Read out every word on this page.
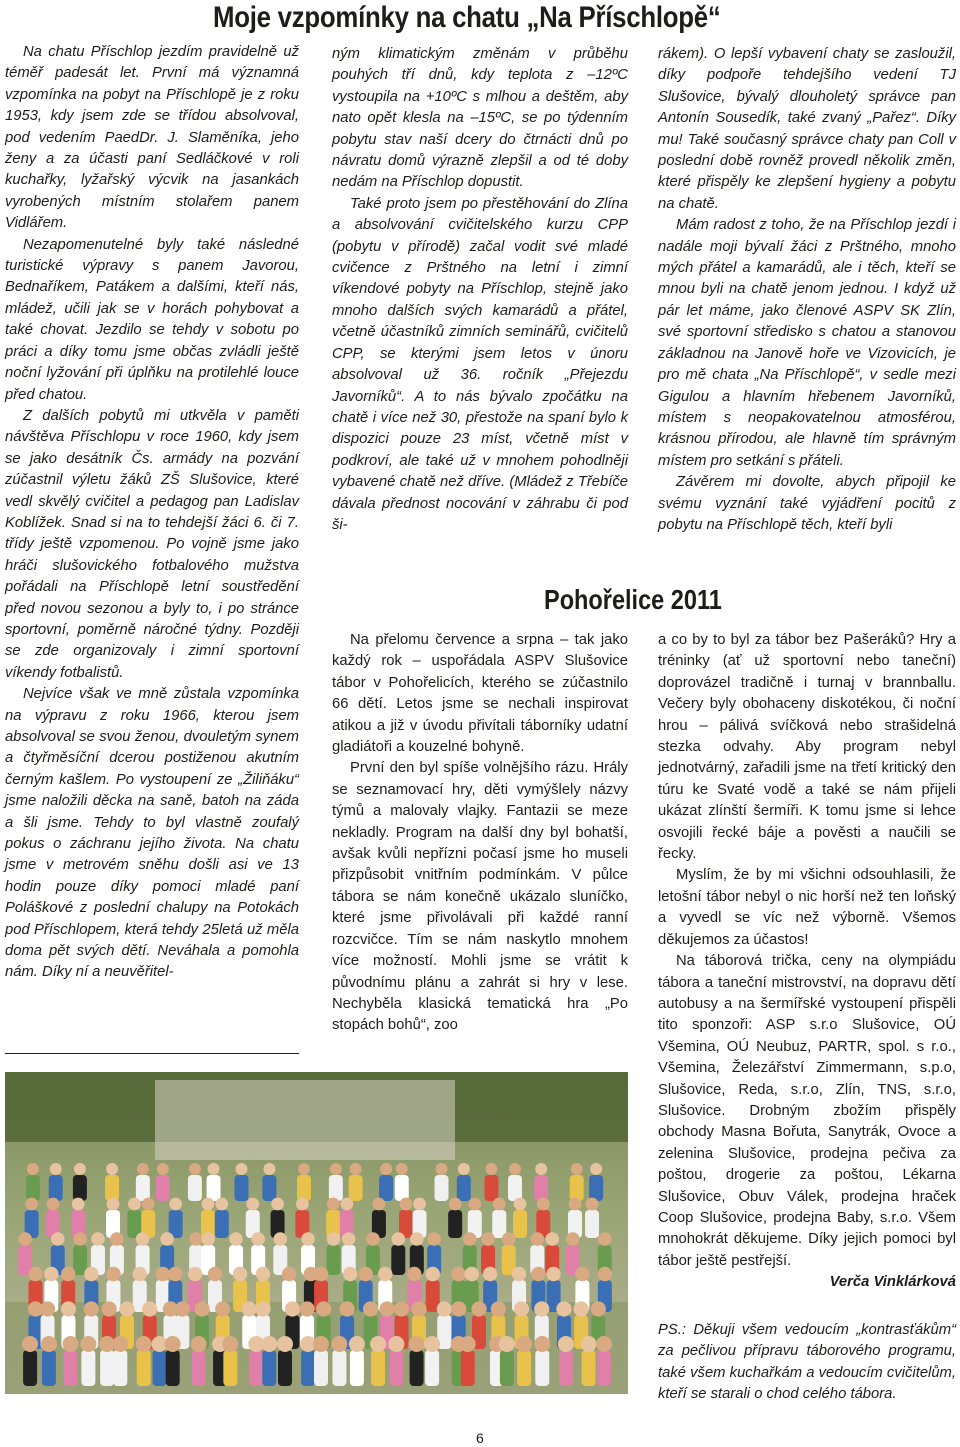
Moje vzpomínky na chatu „Na Příschlopě“

Na chatu Příschlop jezdím pravidelně už téměř padesát let. První má významná vzpomínka na pobyt na Příschlopě je z roku 1953, kdy jsem zde se třídou absolvoval, pod vedením PaedDr. J. Slaměníka, jeho ženy a za účasti paní Sedláčkové v roli kuchařky, lyžařský výcvik na jasankách vyrobených místním stolařem panem Vidlářem.

Nezapomenutelné byly také následné turistické výpravy s panem Javorou, Bednaříkem, Patákem a dalšími, kteří nás, mládež, učili jak se v horách pohybovat a také chovat. Jezdilo se tehdy v sobotu po práci a díky tomu jsme občas zvládli ještě noční lyžování při úplňku na protilehlé louce před chatou.

Z dalších pobytů mi utkvěla v paměti návštěva Příschlopu v roce 1960, kdy jsem se jako desátník Čs. armády na pozvání zúčastnil výletu žáků ZŠ Slušovice, které vedl skvělý cvičitel a pedagog pan Ladislav Koblížek. Snad si na to tehdejší žáci 6. či 7. třídy ještě vzpomenou. Po vojně jsme jako hráči slušovického fotbalového mužstva pořádali na Příschlopě letní soustředění před novou sezonou a byly to, i po stránce sportovní, poměrně náročné týdny. Později se zde organizovaly i zimní sportovní víkendy fotbalistů.

Nejvíce však ve mně zůstala vzpomínka na výpravu z roku 1966, kterou jsem absolvoval se svou ženou, dvouletým synem a čtyřměsíční dcerou postiženou akutním černým kašlem. Po vystoupení ze „Žiliňáku“ jsme naložili děcka na saně, batoh na záda a šli jsme. Tehdy to byl vlastně zoufalý pokus o záchranu jejího života. Na chatu jsme v metrovém sněhu došli asi ve 13 hodin pouze díky pomoci mladé paní Poláškové z poslední chalupy na Potokách pod Příschlopem, která tehdy 25letá už měla doma pět svých dětí. Neváhala a pomohla nám. Díky ní a neuvěřitel-

ným klimatickým změnám v průběhu pouhých tří dnů, kdy teplota z –12ºC vystoupila na +10ºC s mlhou a deštěm, aby nato opět klesla na –15ºC, se po týdenním pobytu stav naší dcery do čtrnácti dnů po návratu domů výrazně zlepšil a od té doby nedám na Příschlop dopustit.

Také proto jsem po přestěhování do Zlína a absolvování cvičitelského kurzu CPP (pobytu v přírodě) začal vodit své mladé cvičence z Prštného na letní i zimní víkendové pobyty na Příschlop, stejně jako mnoho dalších svých kamarádů a přátel, včetně účastníků zimních seminářů, cvičitelů CPP, se kterými jsem letos v únoru absolvoval už 36. ročník „Přejezdu Javorníků“. A to nás bývalo zpočátku na chatě i více než 30, přestože na spaní bylo k dispozici pouze 23 míst, včetně míst v podkroví, ale také už v mnohem pohodlněji vybavené chatě než dříve. (Mládež z Třebíče dávala přednost nocování v záhrabu či pod ši-

rákem). O lepší vybavení chaty se zasloužil, díky podpoře tehdejšího vedení TJ Slušovice, bývalý dlouholetý správce pan Antonín Sousedík, také zvaný „Pařez“. Díky mu! Také současný správce chaty pan Coll v poslední době rovněž provedl několik změn, které přispěly ke zlepšení hygieny a pobytu na chatě.

Mám radost z toho, že na Příschlop jezdí i nadále moji bývalí žáci z Prštného, mnoho mých přátel a kamarádů, ale i těch, kteří se mnou byli na chatě jenom jednou. I když už pár let máme, jako členové ASPV SK Zlín, své sportovní středisko s chatou a stanovou základnou na Janově hoře ve Vizovicích, je pro mě chata „Na Příschlopě“, v sedle mezi Gigulou a hlavním hřebenem Javorníků, místem s neopakovatelnou atmosférou, krásnou přírodou, ale hlavně tím správným místem pro setkání s přáteli.

Závěrem mi dovolte, abych připojil ke svému vyznání také vyjádření pocitů z pobytu na Příschlopě těch, kteří byli

Pohořelice 2011

Na přelomu července a srpna – tak jako každý rok – uspořádala ASPV Slušovice tábor v Pohořelicích, kterého se zúčastnilo 66 dětí. Letos jsme se nechali inspirovat atikou a již v úvodu přivítali táborníky udatní gladiátoři a kouzelné bohyně.

První den byl spíše volnějšího rázu. Hrály se seznamovací hry, děti vymýšlely názvy týmů a malovaly vlajky. Fantazii se meze nekladly. Program na další dny byl bohatší, avšak kvůli nepřízni počasí jsme ho museli přizpůsobit vnitřním podmínkám. V půlce tábora se nám konečně ukázalo sluníčko, které jsme přivolávali při každé ranní rozcvičce. Tím se nám naskytlo mnohem více možností. Mohli jsme se vrátit k původnímu plánu a zahrát si hry v lese. Nechyběla klasická tematická hra „Po stopách bohů“, zoo

a co by to byl za tábor bez Pašeráků? Hry a tréninky (ať už sportovní nebo taneční) doprovázel tradičně i turnaj v brannballu. Večery byly obohaceny diskotékou, či noční hrou – pálivá svíčková nebo strašidelná stezka odvahy. Aby program nebyl jednotvárný, zařadili jsme na třetí kritický den túru ke Svaté vodě a také se nám přijeli ukázat zlínští šermíři. K tomu jsme si lehce osvojili řecké báje a pověsti a naučili se řecky.

Myslím, že by mi všichni odsouhlasili, že letošní tábor nebyl o nic horší než ten loňský a vyvedl se víc než výborně. Všemos děkujemos za účastos!

Na táborová trička, ceny na olympiádu tábora a taneční mistrovství, na dopravu dětí autobusy a na šermířské vystoupení přispěli tito sponzoři: ASP s.r.o Slušovice, OÚ Všemina, OÚ Neubuz, PARTR, spol. s r.o., Všemina, Železářství Zimmermann, s.p.o, Slušovice, Reda, s.r.o, Zlín, TNS, s.r.o, Slušovice. Drobným zbožím přispěly obchody Masna Bořuta, Sanytrák, Ovoce a zelenina Slušovice, prodejna pečiva za poštou, drogerie za poštou, Lékarna Slušovice, Obuv Válek, prodejna hraček Coop Slušovice, prodejna Baby, s.r.o. Všem mnohokrát děkujeme. Díky jejich pomoci byl tábor ještě pestřejší.

Verča Vinklárková

PS.: Děkuji všem vedoucím „kontrasťákům“ za pečlivou přípravu táborového programu, také všem kuchařkám a vedoucím cvičitelům, kteří se starali o chod celého tábora.
6
